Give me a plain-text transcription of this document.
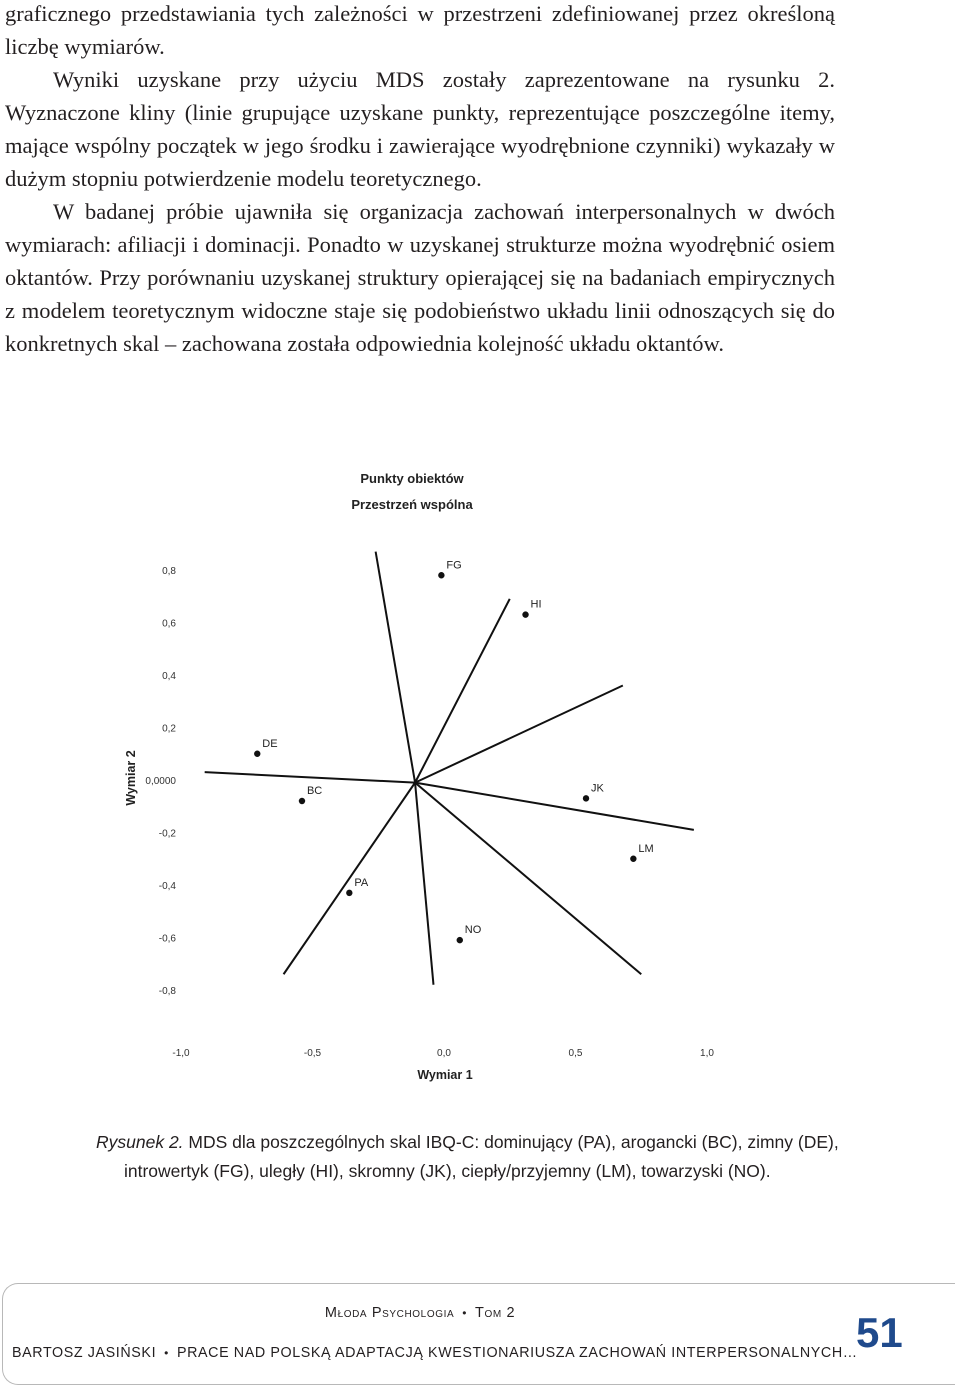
graficznego przedstawiania tych zależności w przestrzeni zdefiniowanej przez określoną liczbę wymiarów.

Wyniki uzyskane przy użyciu MDS zostały zaprezentowane na rysunku 2. Wyznaczone kliny (linie grupujące uzyskane punkty, reprezentujące poszczególne itemy, mające wspólny początek w jego środku i zawierające wyodrębnione czynniki) wykazały w dużym stopniu potwierdzenie modelu teoretycznego.

W badanej próbie ujawniła się organizacja zachowań interpersonalnych w dwóch wymiarach: afiliacji i dominacji. Ponadto w uzyskanej strukturze można wyodrębnić osiem oktantów. Przy porównaniu uzyskanej struktury opierającej się na badaniach empirycznych z modelem teoretycznym widoczne staje się podobieństwo układu linii odnoszących się do konkretnych skal – zachowana została odpowiednia kolejność układu oktantów.

Punkty obiektów
Przestrzeń wspólna
0,8
0,6
0,4
0,2
0,0000
-0,2
-0,4
-0,6
-0,8
-1,0	-0,5	0,0	0,5	1,0
Wymiar 2
Wymiar 1
FG
HI
DE
BC	JK
LM
PA
NO
Rysunek 2. MDS dla poszczególnych skal IBQ-C: dominujący (PA), arogancki (BC), zimny (DE),
introwertyk (FG), uległy (HI), skromny (JK), ciepły/przyjemny (LM), towarzyski (NO).
Młoda Psychologia • Tom 2
BARTOSZ JASIŃSKI • PRACE NAD POLSKĄ ADAPTACJĄ KWESTIONARIUSZA ZACHOWAŃ INTERPERSONALNYCH…
51
